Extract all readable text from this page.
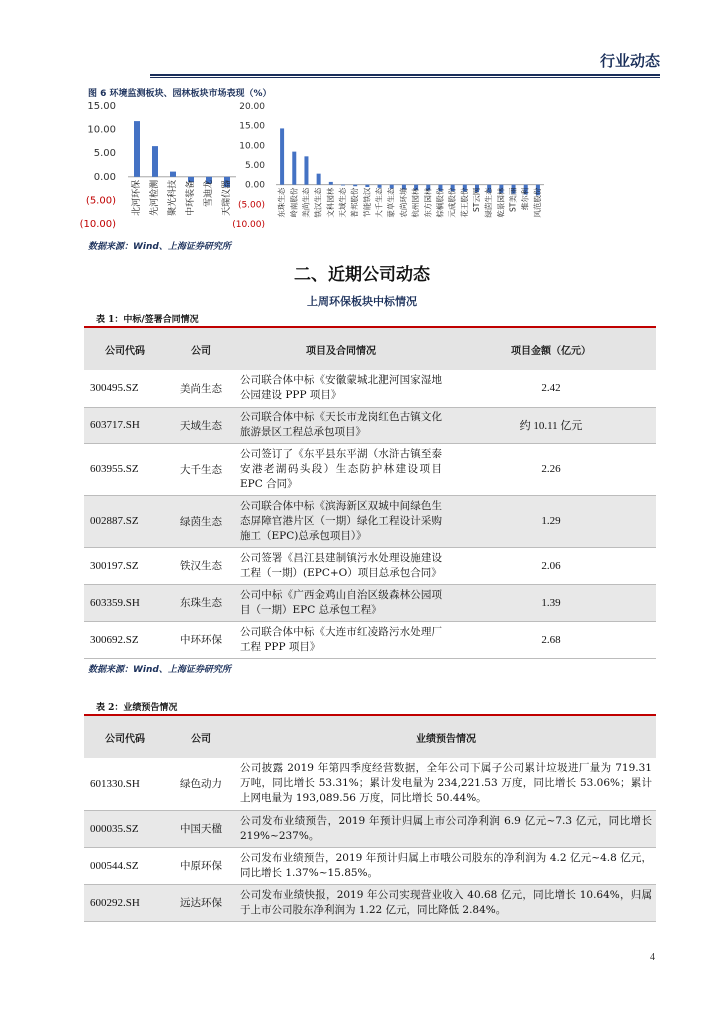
行业动态
图 6 环境监测板块、园林板块市场表现（%）
15.00
10.00
5.00
0.00
(5.00)
(10.00)
北河环保 先河检测 聚光科技 中环装备 雪迪龙 天瑞仪器
20.00
15.00
10.00
5.00
0.00
(5.00)
(10.00)
东珠生态 岭南股份 美尚生态 铁汉生态 文科园林 天域生态 普邦股份 节能铁汉 大千生态 蒙草生态 农尚环境 杭州园林 东方园林 棕榈股份 元成股份 花王股份 ST云网 绿茵生态 乾景园林 ST美丽 维尔利 风范股份
数据来源：Wind、上海证券研究所
二、近期公司动态
上周环保板块中标情况
表 1：中标/签署合同情况
公司代码	公司	项目及合同情况	项目金额（亿元）
300495.SZ	美尚生态	公司联合体中标《安徽蒙城北淝河国家湿地公园建设 PPP 项目》	2.42
603717.SH	天域生态	公司联合体中标《天长市龙岗红色古镇文化旅游景区工程总承包项目》	约 10.11 亿元
603955.SZ	大千生态	公司签订了《东平县东平湖（水浒古镇至泰安港老湖码头段）生态防护林建设项目 EPC 合同》	2.26
002887.SZ	绿茵生态	公司联合体中标《滨海新区双城中间绿色生态屏障官港片区（一期）绿化工程设计采购施工（EPC)总承包项目）》	1.29
300197.SZ	铁汉生态	公司签署《昌江县建制镇污水处理设施建设工程（一期）(EPC+O）项目总承包合同》	2.06
603359.SH	东珠生态	公司中标《广西金鸡山自治区级森林公园项目（一期）EPC 总承包工程》	1.39
300692.SZ	中环环保	公司联合体中标《大连市红凌路污水处理厂工程 PPP 项目》	2.68
数据来源：Wind、上海证券研究所
表 2：业绩预告情况
公司代码	公司	业绩预告情况
601330.SH	绿色动力	公司披露 2019 年第四季度经营数据，全年公司下属子公司累计垃圾进厂量为 719.31 万吨，同比增长 53.31%；累计发电量为 234,221.53 万度，同比增长 53.06%；累计上网电量为 193,089.56 万度，同比增长 50.44%。
000035.SZ	中国天楹	公司发布业绩预告，2019 年预计归属上市公司净利润 6.9 亿元~7.3 亿元，同比增长 219%~237%。
000544.SZ	中原环保	公司发布业绩预告，2019 年预计归属上市哦公司股东的净利润为 4.2 亿元~4.8 亿元，同比增长 1.37%~15.85%。
600292.SH	远达环保	公司发布业绩快报，2019 年公司实现营业收入 40.68 亿元，同比增长 10.64%，归属于上市公司股东净利润为 1.22 亿元，同比降低 2.84%。
4
